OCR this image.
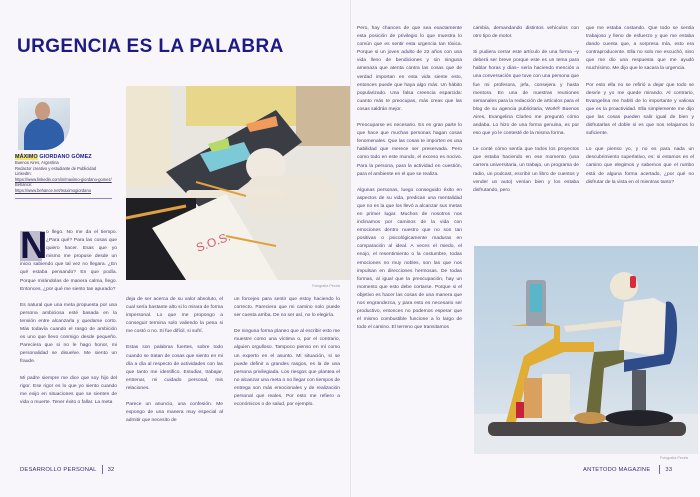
URGENCIA ES LA PALABRA
MÁXIMO GIORDANO GÓMEZ
Buenos Aires, Argentina
Redactor creativo y estudiante de Publicidad
LinkedIn:
https://www.linkedin.com/in/maximo-giordano-gomez/
Behance:
https://www.behance.net/maximogiordano
S.O.S.
Fotografía Pexels
N

o llego. No me da el tiempo. ¿Para qué? Para las cosas que quiero hacer. Esas que yo mismo me propuse desde un inicio sabiendo que tal vez no llegara. ¿En qué estaba pensando? En que podía. Porque mirándolas de manera calma, llego. Entonces, ¿por qué me siento tan apurado?

Es natural que una meta propuesta por una persona ambiciosa esté basada en la tensión entre alcanzarla y quedarse corto. Más todavía cuando el rasgo de ambición es uno que llevo conmigo desde pequeño. Pareciera que si no le hago honor, mi personalidad se disuelve. Me siento un fraude.

Mi padre siempre me dice que soy hijo del rigor. Ese rigor es lo que yo siento cuando me exijo en situaciones que se sienten de vida o muerte. Tener éxito o fallar. La meta

deja de ser acerca de su valor absoluto, el cual sería bastante alto si lo mirara de forma impersonal. Lo que me propongo a conseguir termina solo valiendo la pena si me costó o no. Si fue difícil, si sufrí.

Estas son palabras fuertes, sobre todo cuando se tratan de cosas que siento en mi día a día al respecto de actividades con las que tanto me identifico. Estudiar, trabajar, entrenar, mi cuidado personal, mis relaciones.

Parece un anuncio, una confesión. Me expongo de una manera muy especial al admitir que necesito de

un forcejeo para sentir que estoy haciendo lo correcto. Pareciera que mi camino solo puede ser cuesta arriba. De no ser así, no lo elegiría.

De ninguna forma planeo que al escribir esto me muestre como una víctima o, por el contrario, alguien orgulloso. Tampoco pienso en mí como un experto en el asunto. Mi situación, si se puede definir a grandes rasgos, es la de una persona privilegiada. Los riesgos que plantea el no alcanzar una meta o no llegar con tiempos de entrega son más emocionales y de realización personal que reales. Por esto me refiero a económicos o de salud, por ejemplo.

DESARROLLO PERSONAL 32

Pero, hay chances de que sea exactamente esta posición de privilegio lo que muestra lo común que es sentir esta urgencia tan tóxica. Porque si un joven adulto de 22 años con una vida lleno de bendiciones y sin ninguna amenaza que atenta contra las cosas que de verdad importan en esta vida siente esto, entonces puede que haya algo más. Un hábito popularizado. Una falsa creencia esparcida: cuanto más te preocupas, más creas que las cosas saldrán mejor.

Preocuparse es necesario. Es en gran parte lo que hace que muchas personas hagan cosas fenomenales. Que las cosas te importen es una habilidad que merece ser preservada. Pero como todo en este mundo, el exceso es nocivo. Para la persona, para la actividad en cuestión, para el ambiente en el que se realiza.

Algunas personas, luego conseguido éxito en aspectos de su vida, predican una mentalidad que no es la que los llevó a alcanzar sus metas en primer lugar. Muchos de nosotros nos inclinamos por caminos de la vida con emociones dentro nuestro que no son tan positivas o psicológicamente maduras en comparación al ideal. A veces el miedo, el enojo, el resentimiento o la costumbre, todas emociones no muy nobles, son las que nos impulsan en direcciones hermosas. De todas formas, al igual que la preocupación, hay un momento que esto debe cortarse. Porque si el objetivo es hacer las cosas de una manera que nos engrandezca, y para esto es necesario ser productivo, entonces no podemos esperar que el mismo combustible funcione a lo largo de todo el camino. El terreno que transitamos

cambia, demandando distintos vehículos con otro tipo de motor.

Si pudiera cerrar este artículo de una forma –y deberá ser breve porque este es un tema para hablar horas y días– sería haciendo mención a una conversación que tuve con una persona que fue mi profesora, jefa, consejera y hasta mentora. En una de nuestras reuniones semanales para la redacción de artículos para el blog de su agencia publicitaria, Work® Buenos Aires, Evangelina Clurleo me preguntó cómo andaba. Lo hizo de una forma genuina, es por eso que yo le contesté de la misma forma.

Le conté cómo sentía que todos los proyectos que estaba haciendo en ese momento (una carrera universitaria, un trabajo, un programa de radio, un podcast, escribir un libro de cuentos y vender un auto) venían bien y los estaba disfrutando, pero

que me estaba costando. Que todo se sentía trabajoso y lleno de esfuerzo y que me estaba dando cuenta que, a sorpresa mía, esto era contraproducente. Ella no solo me escuchó, sino que me dio una respuesta que me ayudó muchísimo. Me dijo que le sacara la urgencia.

Por esto ella no se refirió a dejar que todo se desvíe y yo me quede mirando. Al contrario, Evangelina me habló de lo importante y valiosa que es la proactividad. Ella simplemente me dijo que las cosas pueden salir igual de bien y disfrutarlas el doble si es que nos relajamos lo suficiente.

Lo que pienso yo, y no es para nada un descubrimiento superlativo, es: si estamos en el camino que elegimos y sabemos que el rumbo está de alguna forma acertado, ¿por qué no disfrutar de la vista en el mientras tanto?

ANTETODO MAGAZINE	33
Fotografía Pexels
